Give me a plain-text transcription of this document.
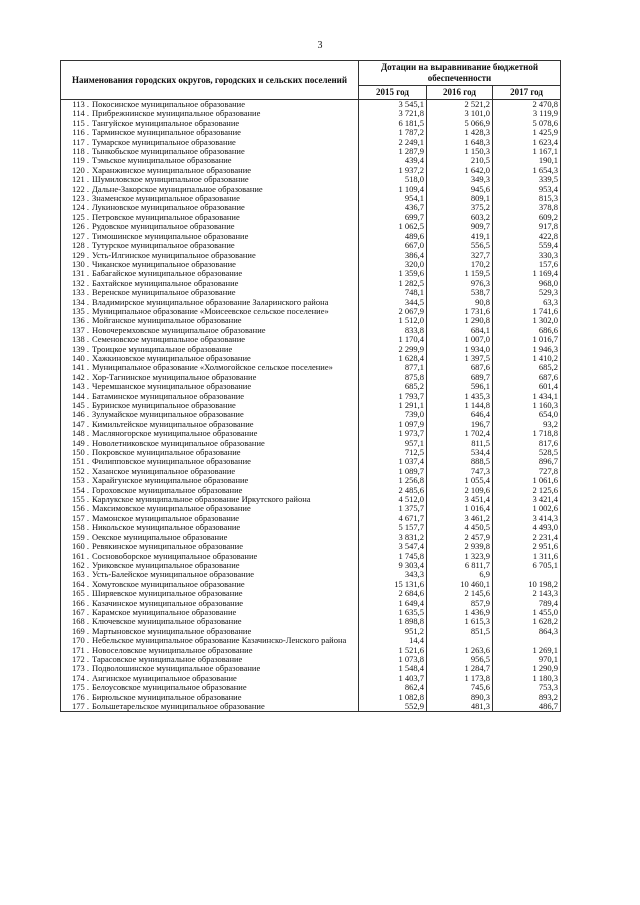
3
Наименования городских округов, городских и сельских поселений	Дотации на выравнивание бюджетной обеспеченности		
	2015 год	2016 год	2017 год
113 . Покосинское муниципальное образование	3 545,1	2 521,2	2 470,8
114 . Прибрежнинское муниципальное образование	3 721,8	3 101,0	3 119,9
115 . Тангуйское муниципальное образование	6 181,5	5 066,9	5 078,6
116 . Тарминское муниципальное образование	1 787,2	1 428,3	1 425,9
117 . Тумарское муниципальное образование	2 249,1	1 648,3	1 623,4
118 . Тынкобьское муниципальное образование	1 287,9	1 150,3	1 167,1
119 . Тэмьское муниципальное образование	439,4	210,5	190,1
120 . Харанжинское муниципальное образование	1 937,2	1 642,0	1 654,3
121 . Шумиловское муниципальное образование	518,0	349,3	339,5
122 . Дальне-Закорское муниципальное образование	1 109,4	945,6	953,4
123 . Знаменское муниципальное образование	954,1	809,1	815,3
124 . Лукиновское муниципальное образование	436,7	375,2	378,8
125 . Петровское муниципальное образование	699,7	603,2	609,2
126 . Рудовское муниципальное образование	1 062,5	909,7	917,8
127 . Тимошинское муниципальное образование	489,6	419,1	422,8
128 . Тутурское муниципальное образование	667,0	556,5	559,4
129 . Усть-Илгинское муниципальное образование	386,4	327,7	330,3
130 . Чиканское муниципальное образование	320,0	170,2	157,6
131 . Бабагайское муниципальное образование	1 359,6	1 159,5	1 169,4
132 . Бахтайское муниципальное образование	1 282,5	976,3	968,0
133 . Веренское муниципальное образование	748,1	538,7	529,3
134 . Владимирское муниципальное образование Заларинского района	344,5	90,8	63,3
135 . Муниципальное образование «Моисеевское сельское поселение»	2 067,9	1 731,6	1 741,6
136 . Мойганское муниципальное образование	1 512,0	1 290,8	1 302,0
137 . Новочеремховское муниципальное образование	833,8	684,1	686,6
138 . Семеновское муниципальное образование	1 170,4	1 007,0	1 016,7
139 . Троицкое муниципальное образование	2 299,9	1 934,0	1 946,3
140 . Хажкиновское муниципальное образование	1 628,4	1 397,5	1 410,2
141 . Муниципальное образование «Холмогойское сельское поселение»	877,1	687,6	685,2
142 . Хор-Тагнинское муниципальное образование	875,8	689,7	687,6
143 . Черемшанское муниципальное образование	685,2	596,1	601,4
144 . Батаминское муниципальное образование	1 793,7	1 435,3	1 434,1
145 . Буринское муниципальное образование	1 291,1	1 144,8	1 160,3
146 . Зулумайское муниципальное образование	739,0	646,4	654,0
147 . Кимильтейское муниципальное образование	1 097,9	196,7	93,2
148 . Масляногорское муниципальное образование	1 973,7	1 702,4	1 718,8
149 . Новолетниковское муниципальное образование	957,1	811,5	817,6
150 . Покровское муниципальное образование	712,5	534,4	528,5
151 . Филипповское муниципальное образование	1 037,4	888,5	896,7
152 . Хазанское муниципальное образование	1 089,7	747,3	727,8
153 . Харайгунское муниципальное образование	1 256,8	1 055,4	1 061,6
154 . Гороховское муниципальное образование	2 485,6	2 109,6	2 125,6
155 . Карлукское муниципальное образование Иркутского района	4 512,0	3 451,4	3 421,4
156 . Максимовское муниципальное образование	1 375,7	1 016,4	1 002,6
157 . Мамонское муниципальное образование	4 671,7	3 461,2	3 414,3
158 . Никольское муниципальное образование	5 157,7	4 450,5	4 493,0
159 . Оекское муниципальное образование	3 831,2	2 457,9	2 231,4
160 . Ревякинское муниципальное образование	3 547,4	2 939,8	2 951,6
161 . Сосновоборское муниципальное образование	1 745,8	1 323,9	1 311,6
162 . Уриковское муниципальное образование	9 303,4	6 811,7	6 705,1
163 . Усть-Балейское муниципальное образование	343,3	6,9	
164 . Хомутовское муниципальное образование	15 131,6	10 460,1	10 198,2
165 . Ширяевское муниципальное образование	2 684,6	2 145,6	2 143,3
166 . Казачинское муниципальное образование	1 649,4	857,9	789,4
167 . Карамское муниципальное образование	1 635,5	1 436,9	1 455,0
168 . Ключевское муниципальное образование	1 898,8	1 615,3	1 628,2
169 . Мартыновское муниципальное образование	951,2	851,5	864,3
170 . Небельское муниципальное образование Казачинско-Ленского района	14,4		
171 . Новоселовское муниципальное образование	1 521,6	1 263,6	1 269,1
172 . Тарасовское муниципальное образование	1 073,8	956,5	970,1
173 . Подволошинское муниципальное образование	1 548,4	1 284,7	1 290,9
174 . Ангинское муниципальное образование	1 403,7	1 173,8	1 180,3
175 . Белоусовское муниципальное образование	862,4	745,6	753,3
176 . Бирюльское муниципальное образование	1 082,8	890,3	893,2
177 . Большетарельское муниципальное образование	552,9	481,3	486,7
